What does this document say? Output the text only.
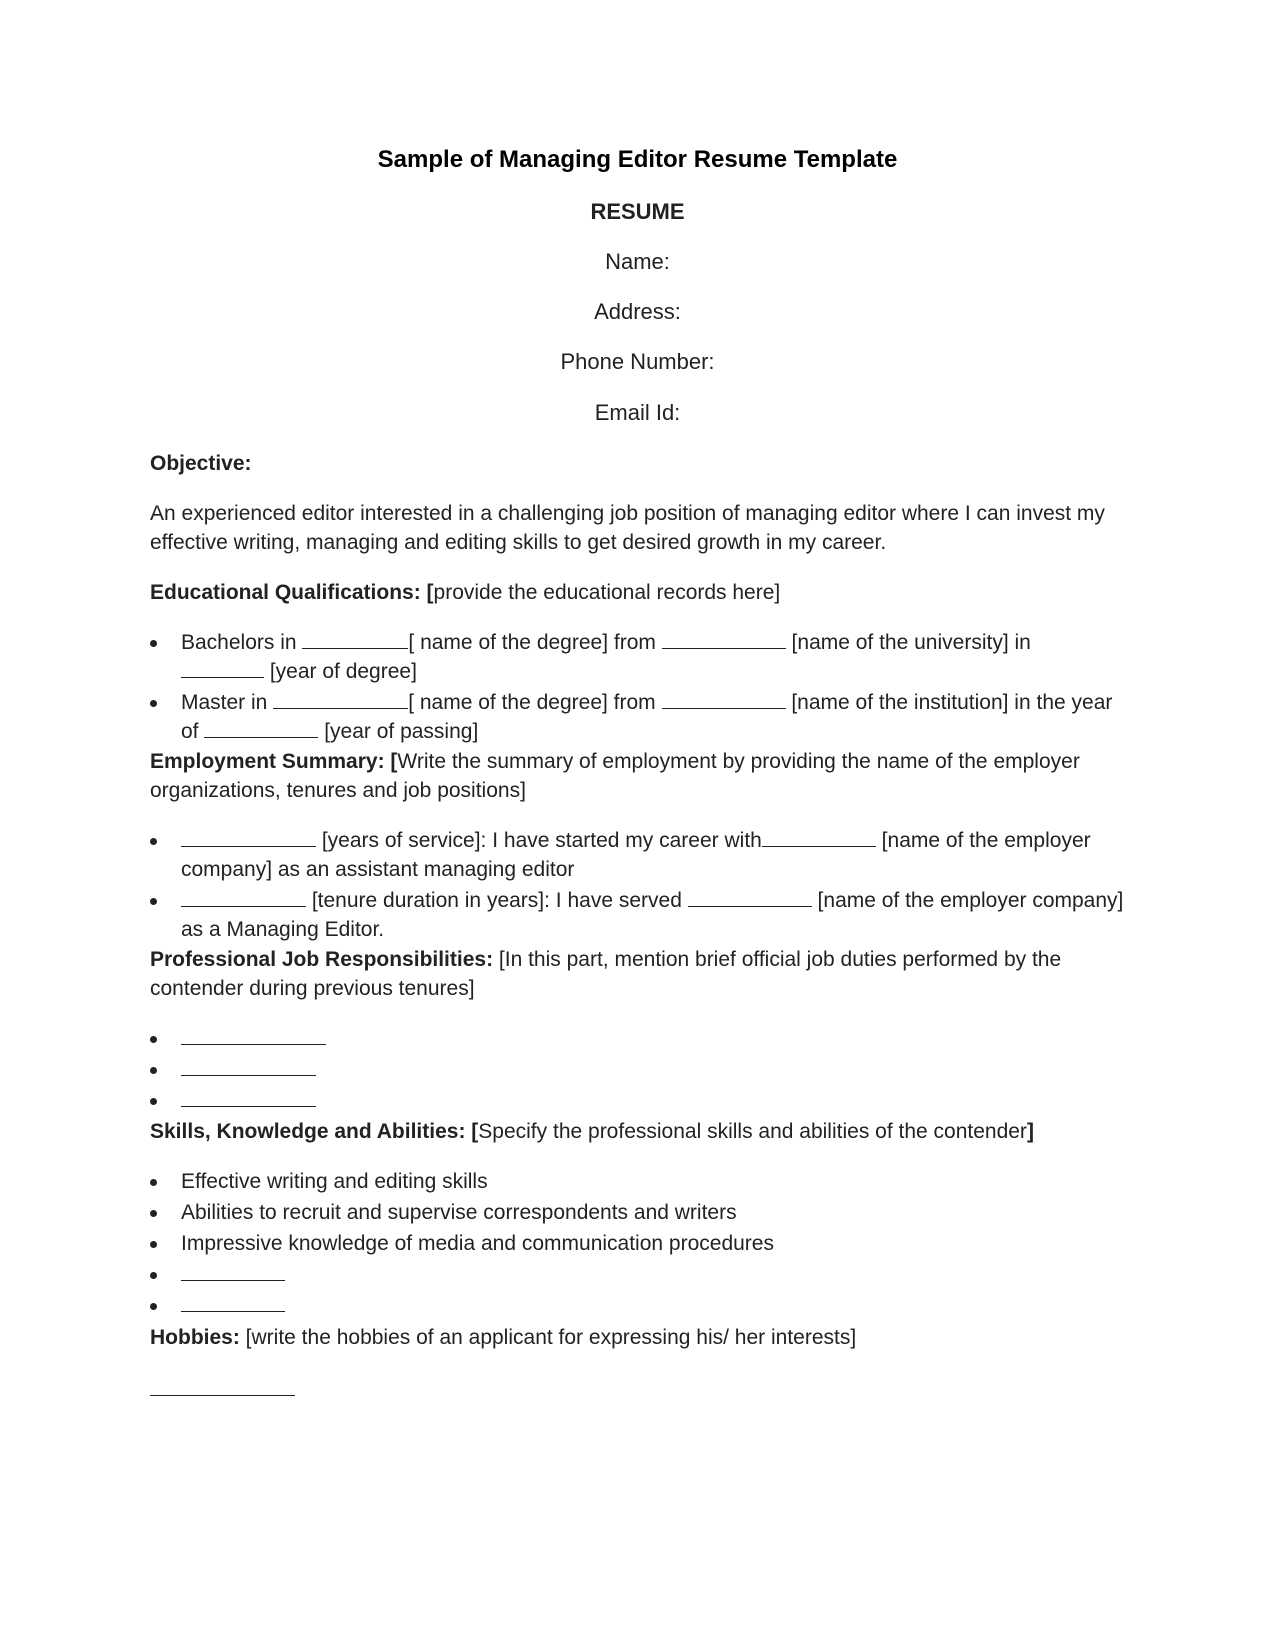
Sample of Managing Editor Resume Template
RESUME
Name:
Address:
Phone Number:
Email Id:
Objective:
An experienced editor interested in a challenging job position of managing editor where I can invest my effective writing, managing and editing skills to get desired growth in my career.
Educational Qualifications: [provide the educational records here]
Bachelors in	[ name of the degree] from	[name of the university] in
[year of degree]
Master in	[ name of the degree] from	[name of the institution] in the year of	[year of passing]
Employment Summary: [Write the summary of employment by providing the name of the employer organizations, tenures and job positions]
[years of service]: I have started my career with	[name of the employer company] as an assistant managing editor
[tenure duration in years]: I have served	[name of the employer company] as a Managing Editor.
Professional Job Responsibilities: [In this part, mention brief official job duties performed by the contender during previous tenures]
Skills, Knowledge and Abilities: [Specify the professional skills and abilities of the contender]
Effective writing and editing skills
Abilities to recruit and supervise correspondents and writers
Impressive knowledge of media and communication procedures
Hobbies: [write the hobbies of an applicant for expressing his/ her interests]
